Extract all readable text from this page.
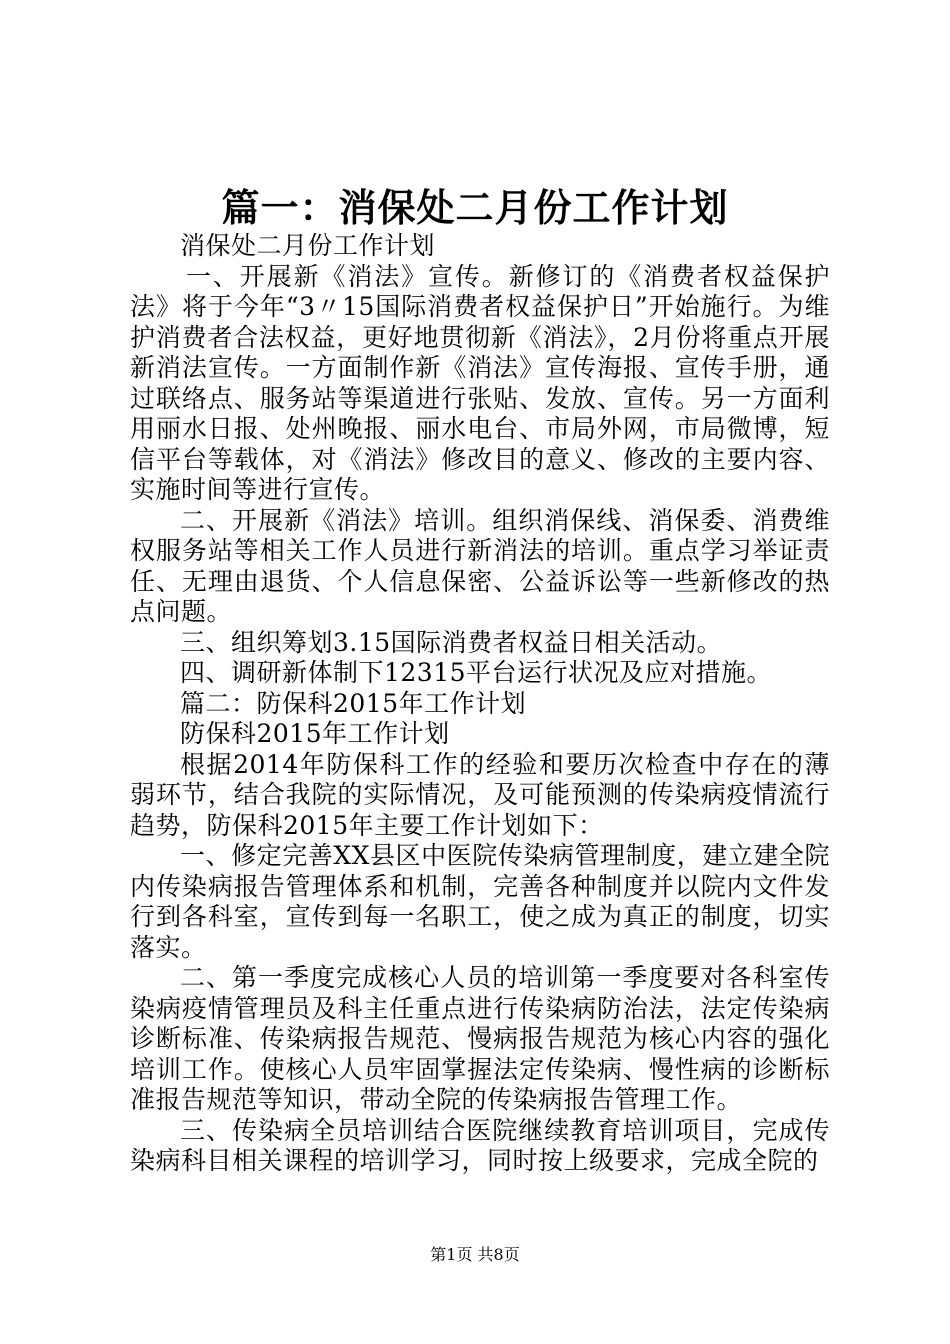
篇一：消保处二月份工作计划

消保处二月份工作计划

一、开展新《消法》宣传。新修订的《消费者权益保护法》将于今年“3〃15国际消费者权益保护日”开始施行。为维护消费者合法权益，更好地贯彻新《消法》，2月份将重点开展新消法宣传。一方面制作新《消法》宣传海报、宣传手册，通过联络点、服务站等渠道进行张贴、发放、宣传。另一方面利用丽水日报、处州晚报、丽水电台、市局外网，市局微博，短信平台等载体，对《消法》修改目的意义、修改的主要内容、实施时间等进行宣传。

二、开展新《消法》培训。组织消保线、消保委、消费维权服务站等相关工作人员进行新消法的培训。重点学习举证责任、无理由退货、个人信息保密、公益诉讼等一些新修改的热点问题。

三、组织筹划3.15国际消费者权益日相关活动。

四、调研新体制下12315平台运行状况及应对措施。

篇二：防保科2015年工作计划

防保科2015年工作计划

根据2014年防保科工作的经验和要历次检查中存在的薄弱环节，结合我院的实际情况，及可能预测的传染病疫情流行趋势，防保科2015年主要工作计划如下：

一、修定完善XX县区中医院传染病管理制度，建立建全院内传染病报告管理体系和机制，完善各种制度并以院内文件发行到各科室，宣传到每一名职工，使之成为真正的制度，切实落实。

二、第一季度完成核心人员的培训第一季度要对各科室传染病疫情管理员及科主任重点进行传染病防治法，法定传染病诊断标准、传染病报告规范、慢病报告规范为核心内容的强化培训工作。使核心人员牢固掌握法定传染病、慢性病的诊断标准报告规范等知识，带动全院的传染病报告管理工作。

三、传染病全员培训结合医院继续教育培训项目，完成传染病科目相关课程的培训学习，同时按上级要求，完成全院的

第1页 共8页
